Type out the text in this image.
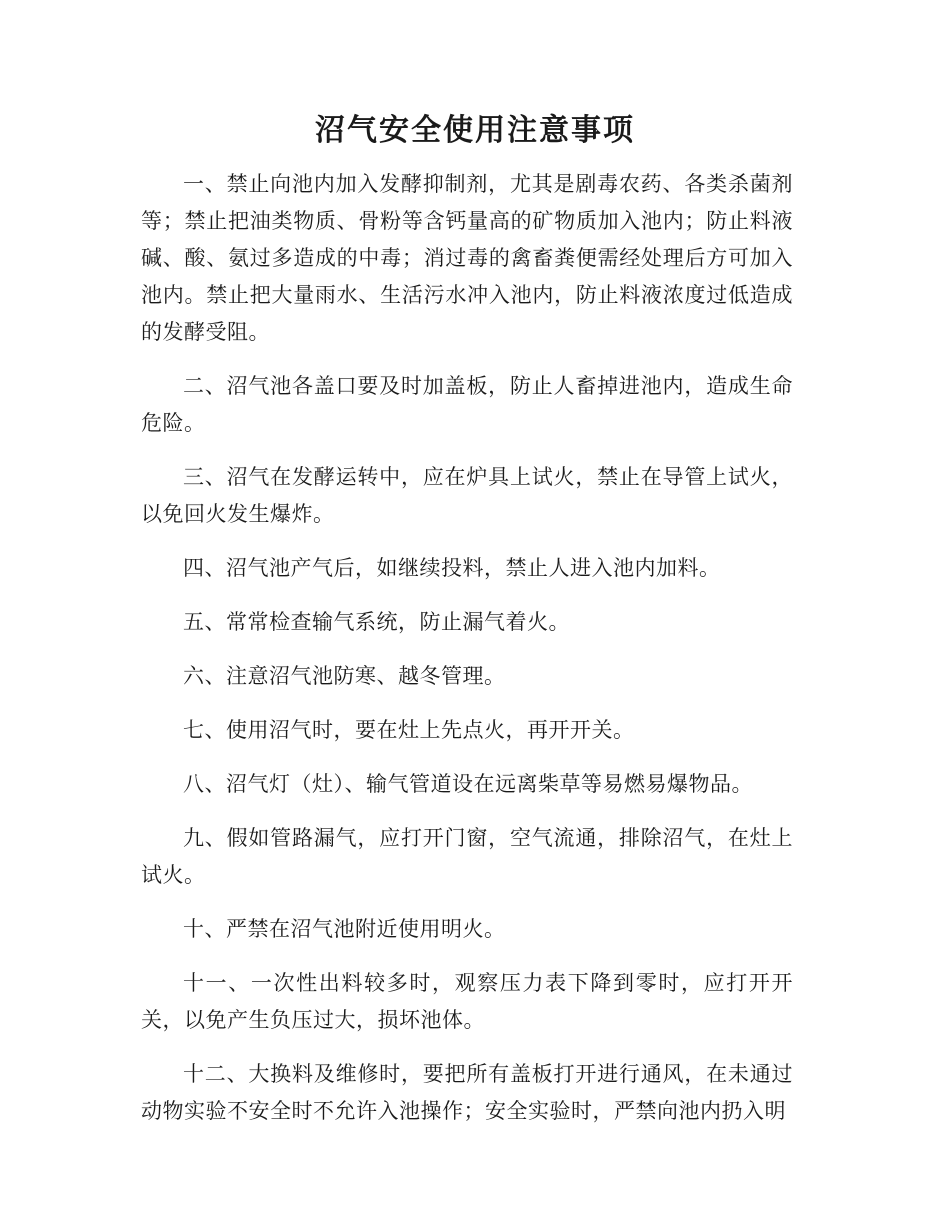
沼气安全使用注意事项

一、禁止向池内加入发酵抑制剂，尤其是剧毒农药、各类杀菌剂等；禁止把油类物质、骨粉等含钙量高的矿物质加入池内；防止料液碱、酸、氨过多造成的中毒；消过毒的禽畜粪便需经处理后方可加入池内。禁止把大量雨水、生活污水冲入池内，防止料液浓度过低造成的发酵受阻。

二、沼气池各盖口要及时加盖板，防止人畜掉进池内，造成生命危险。

三、沼气在发酵运转中，应在炉具上试火，禁止在导管上试火，以免回火发生爆炸。

四、沼气池产气后，如继续投料，禁止人进入池内加料。

五、常常检查输气系统，防止漏气着火。

六、注意沼气池防寒、越冬管理。

七、使用沼气时，要在灶上先点火，再开开关。

八、沼气灯（灶）、输气管道设在远离柴草等易燃易爆物品。

九、假如管路漏气，应打开门窗，空气流通，排除沼气，在灶上试火。

十、严禁在沼气池附近使用明火。

十一、一次性出料较多时，观察压力表下降到零时，应打开开关，以免产生负压过大，损坏池体。

十二、大换料及维修时，要把所有盖板打开进行通风，在未通过动物实验不安全时不允许入池操作；安全实验时，严禁向池内扔入明
